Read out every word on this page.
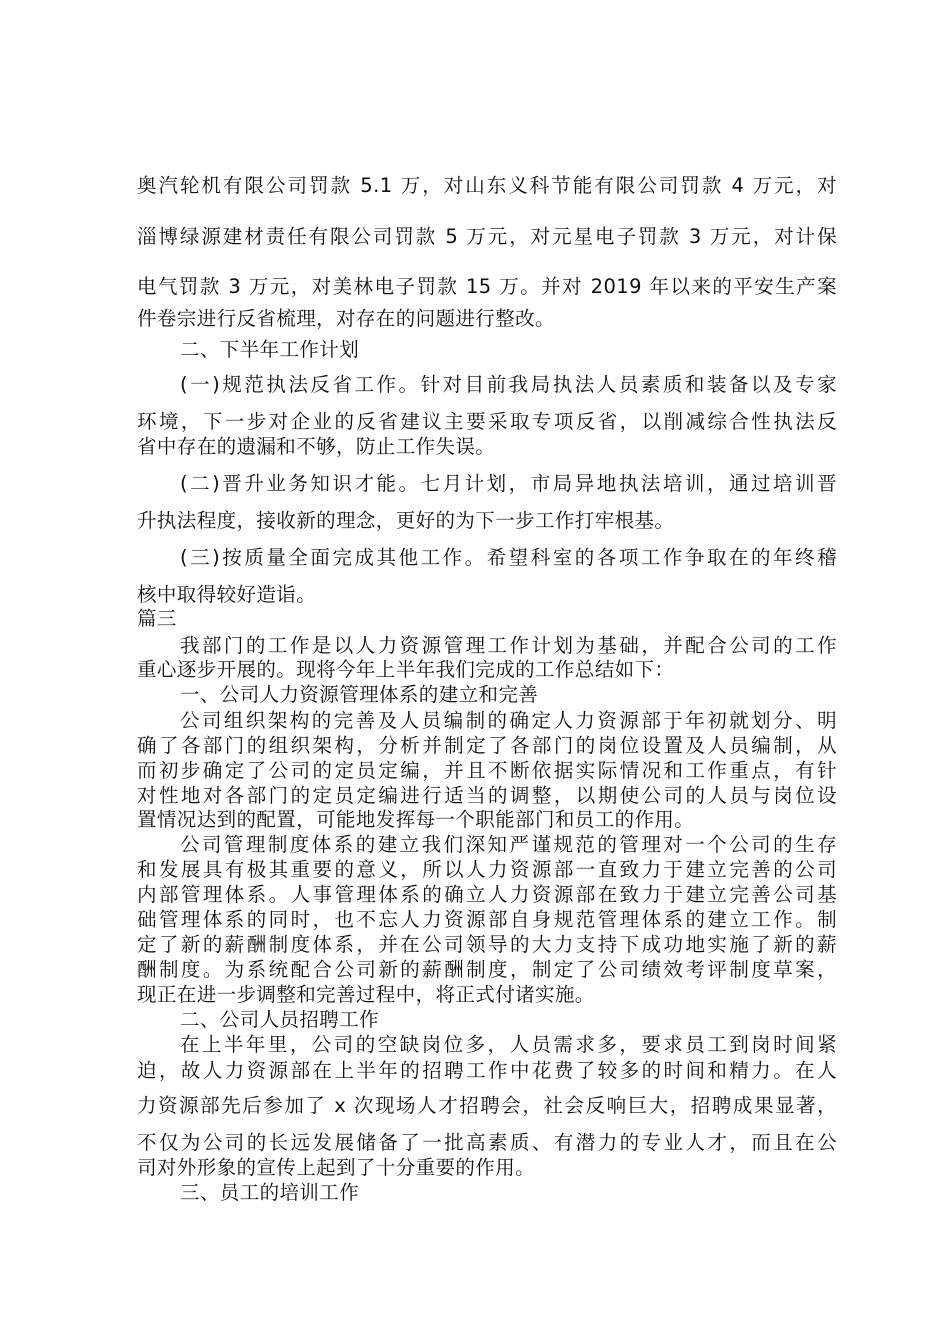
奥汽轮机有限公司罚款 5.1 万，对山东义科节能有限公司罚款 4 万元，对
淄博绿源建材责任有限公司罚款 5 万元，对元星电子罚款 3 万元，对计保
电气罚款 3 万元，对美林电子罚款 15 万。并对 2019 年以来的平安生产案
件卷宗进行反省梳理，对存在的问题进行整改。
二、下半年工作计划
(一)规范执法反省工作。针对目前我局执法人员素质和装备以及专家
环境，下一步对企业的反省建议主要采取专项反省，以削减综合性执法反
省中存在的遗漏和不够，防止工作失误。
(二)晋升业务知识才能。七月计划，市局异地执法培训，通过培训晋
升执法程度，接收新的理念，更好的为下一步工作打牢根基。
(三)按质量全面完成其他工作。希望科室的各项工作争取在的年终稽
核中取得较好造诣。
篇三
我部门的工作是以人力资源管理工作计划为基础，并配合公司的工作
重心逐步开展的。现将今年上半年我们完成的工作总结如下：
一、公司人力资源管理体系的建立和完善
公司组织架构的完善及人员编制的确定人力资源部于年初就划分、明
确了各部门的组织架构，分析并制定了各部门的岗位设置及人员编制，从
而初步确定了公司的定员定编，并且不断依据实际情况和工作重点，有针
对性地对各部门的定员定编进行适当的调整，以期使公司的人员与岗位设
置情况达到的配置，可能地发挥每一个职能部门和员工的作用。
公司管理制度体系的建立我们深知严谨规范的管理对一个公司的生存
和发展具有极其重要的意义，所以人力资源部一直致力于建立完善的公司
内部管理体系。人事管理体系的确立人力资源部在致力于建立完善公司基
础管理体系的同时，也不忘人力资源部自身规范管理体系的建立工作。制
定了新的薪酬制度体系，并在公司领导的大力支持下成功地实施了新的薪
酬制度。为系统配合公司新的薪酬制度，制定了公司绩效考评制度草案，
现正在进一步调整和完善过程中，将正式付诸实施。
二、公司人员招聘工作
在上半年里，公司的空缺岗位多，人员需求多，要求员工到岗时间紧
迫，故人力资源部在上半年的招聘工作中花费了较多的时间和精力。在人
力资源部先后参加了 x 次现场人才招聘会，社会反响巨大，招聘成果显著，
不仅为公司的长远发展储备了一批高素质、有潜力的专业人才，而且在公
司对外形象的宣传上起到了十分重要的作用。
三、员工的培训工作
